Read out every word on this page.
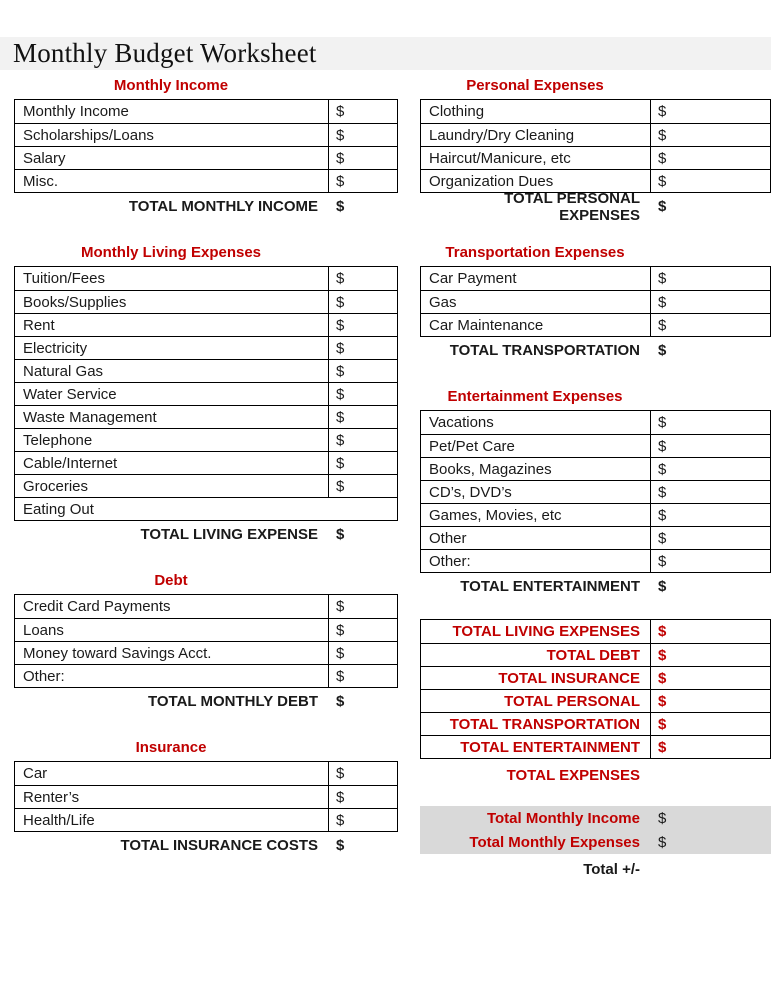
Monthly Budget Worksheet
Monthly Income
Monthly Income	$
Scholarships/Loans	$
Salary	$
Misc.	$
TOTAL MONTHLY INCOME	$
Monthly Living Expenses
Tuition/Fees	$
Books/Supplies	$
Rent	$
Electricity	$
Natural Gas	$
Water Service	$
Waste Management	$
Telephone	$
Cable/Internet	$
Groceries	$
Eating Out
TOTAL LIVING EXPENSE	$
Debt
Credit Card Payments	$
Loans	$
Money toward Savings Acct.	$
Other:	$
TOTAL MONTHLY DEBT	$
Insurance
Car	$
Renter’s	$
Health/Life	$
TOTAL INSURANCE COSTS	$
Personal Expenses
Clothing	$
Laundry/Dry Cleaning	$
Haircut/Manicure, etc	$
Organization Dues	$
TOTAL PERSONAL EXPENSES	$
Transportation Expenses
Car Payment	$
Gas	$
Car Maintenance	$
TOTAL TRANSPORTATION	$
Entertainment Expenses
Vacations	$
Pet/Pet Care	$
Books, Magazines	$
CD’s, DVD’s	$
Games, Movies, etc	$
Other	$
Other:	$
TOTAL ENTERTAINMENT	$
TOTAL LIVING EXPENSES	$
TOTAL DEBT	$
TOTAL INSURANCE	$
TOTAL PERSONAL	$
TOTAL TRANSPORTATION	$
TOTAL ENTERTAINMENT	$
TOTAL EXPENSES
Total Monthly Income	$
Total Monthly Expenses	$
Total +/-
